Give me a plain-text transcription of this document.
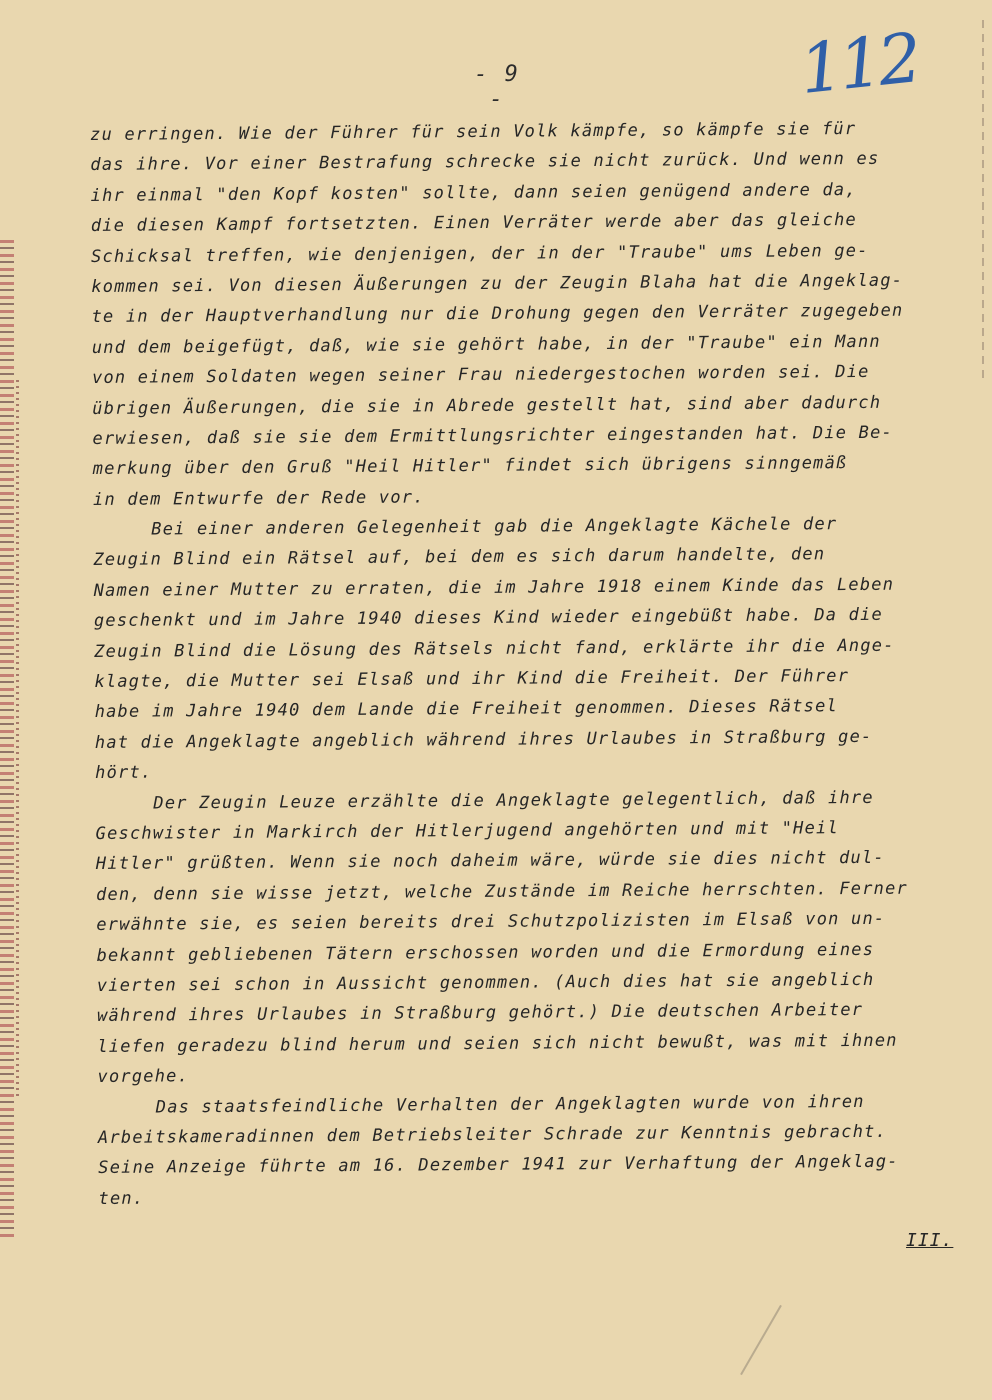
- 9 -	112
zu erringen. Wie der Führer für sein Volk kämpfe, so kämpfe sie für
das ihre. Vor einer Bestrafung schrecke sie nicht zurück. Und wenn es
ihr einmal "den Kopf kosten" sollte, dann seien genügend andere da,
die diesen Kampf fortsetzten. Einen Verräter werde aber das gleiche
Schicksal treffen, wie denjenigen, der in der "Traube" ums Leben ge-
kommen sei. Von diesen Äußerungen zu der Zeugin Blaha hat die Angeklag-
te in der Hauptverhandlung nur die Drohung gegen den Verräter zugegeben
und dem beigefügt, daß, wie sie gehört habe, in der "Traube" ein Mann
von einem Soldaten wegen seiner Frau niedergestochen worden sei. Die
übrigen Äußerungen, die sie in Abrede gestellt hat, sind aber dadurch
erwiesen, daß sie sie dem Ermittlungsrichter eingestanden hat. Die Be-
merkung über den Gruß "Heil Hitler" findet sich übrigens sinngemäß
in dem Entwurfe der Rede vor.
Bei einer anderen Gelegenheit gab die Angeklagte Kächele der
Zeugin Blind ein Rätsel auf, bei dem es sich darum handelte, den
Namen einer Mutter zu erraten, die im Jahre 1918 einem Kinde das Leben
geschenkt und im Jahre 1940 dieses Kind wieder eingebüßt habe. Da die
Zeugin Blind die Lösung des Rätsels nicht fand, erklärte ihr die Ange-
klagte, die Mutter sei Elsaß und ihr Kind die Freiheit. Der Führer
habe im Jahre 1940 dem Lande die Freiheit genommen. Dieses Rätsel
hat die Angeklagte angeblich während ihres Urlaubes in Straßburg ge-
hört.
Der Zeugin Leuze erzählte die Angeklagte gelegentlich, daß ihre
Geschwister in Markirch der Hitlerjugend angehörten und mit "Heil
Hitler" grüßten. Wenn sie noch daheim wäre, würde sie dies nicht dul-
den, denn sie wisse jetzt, welche Zustände im Reiche herrschten. Ferner
erwähnte sie, es seien bereits drei Schutzpolizisten im Elsaß von un-
bekannt gebliebenen Tätern erschossen worden und die Ermordung eines
vierten sei schon in Aussicht genommen. (Auch dies hat sie angeblich
während ihres Urlaubes in Straßburg gehört.) Die deutschen Arbeiter
liefen geradezu blind herum und seien sich nicht bewußt, was mit ihnen
vorgehe.
Das staatsfeindliche Verhalten der Angeklagten wurde von ihren
Arbeitskameradinnen dem Betriebsleiter Schrade zur Kenntnis gebracht.
Seine Anzeige führte am 16. Dezember 1941 zur Verhaftung der Angeklag-
ten.
III.
